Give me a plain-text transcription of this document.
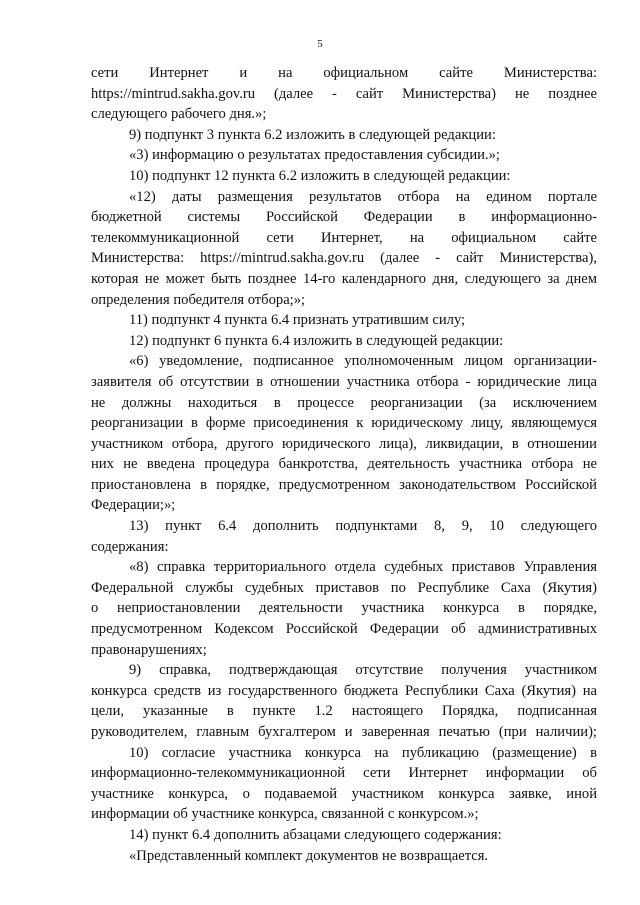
5
сети Интернет и на официальном сайте Министерства:
https://mintrud.sakha.gov.ru (далее - сайт Министерства) не позднее
следующего рабочего дня.»;
9) подпункт 3 пункта 6.2 изложить в следующей редакции:
«3) информацию о результатах предоставления субсидии.»;
10) подпункт 12 пункта 6.2 изложить в следующей редакции:
«12) даты размещения результатов отбора на едином портале
бюджетной системы Российской Федерации в информационно-
телекоммуникационной сети Интернет, на официальном сайте
Министерства: https://mintrud.sakha.gov.ru (далее - сайт Министерства),
которая не может быть позднее 14-го календарного дня, следующего за днем
определения победителя отбора;»;
11) подпункт 4 пункта 6.4 признать утратившим силу;
12) подпункт 6 пункта 6.4 изложить в следующей редакции:
«6) уведомление, подписанное уполномоченным лицом организации-
заявителя об отсутствии в отношении участника отбора - юридические лица
не должны находиться в процессе реорганизации (за исключением
реорганизации в форме присоединения к юридическому лицу, являющемуся
участником отбора, другого юридического лица), ликвидации, в отношении
них не введена процедура банкротства, деятельность участника отбора не
приостановлена в порядке, предусмотренном законодательством Российской
Федерации;»;
13) пункт 6.4 дополнить подпунктами 8, 9, 10 следующего
содержания:
«8) справка территориального отдела судебных приставов Управления
Федеральной службы судебных приставов по Республике Саха (Якутия)
о неприостановлении деятельности участника конкурса в порядке,
предусмотренном Кодексом Российской Федерации об административных
правонарушениях;
9) справка, подтверждающая отсутствие получения участником
конкурса средств из государственного бюджета Республики Саха (Якутия) на
цели, указанные в пункте 1.2 настоящего Порядка, подписанная
руководителем, главным бухгалтером и заверенная печатью (при наличии);
10) согласие участника конкурса на публикацию (размещение) в
информационно-телекоммуникационной сети Интернет информации об
участнике конкурса, о подаваемой участником конкурса заявке, иной
информации об участнике конкурса, связанной с конкурсом.»;
14) пункт 6.4 дополнить абзацами следующего содержания:
«Представленный комплект документов не возвращается.
